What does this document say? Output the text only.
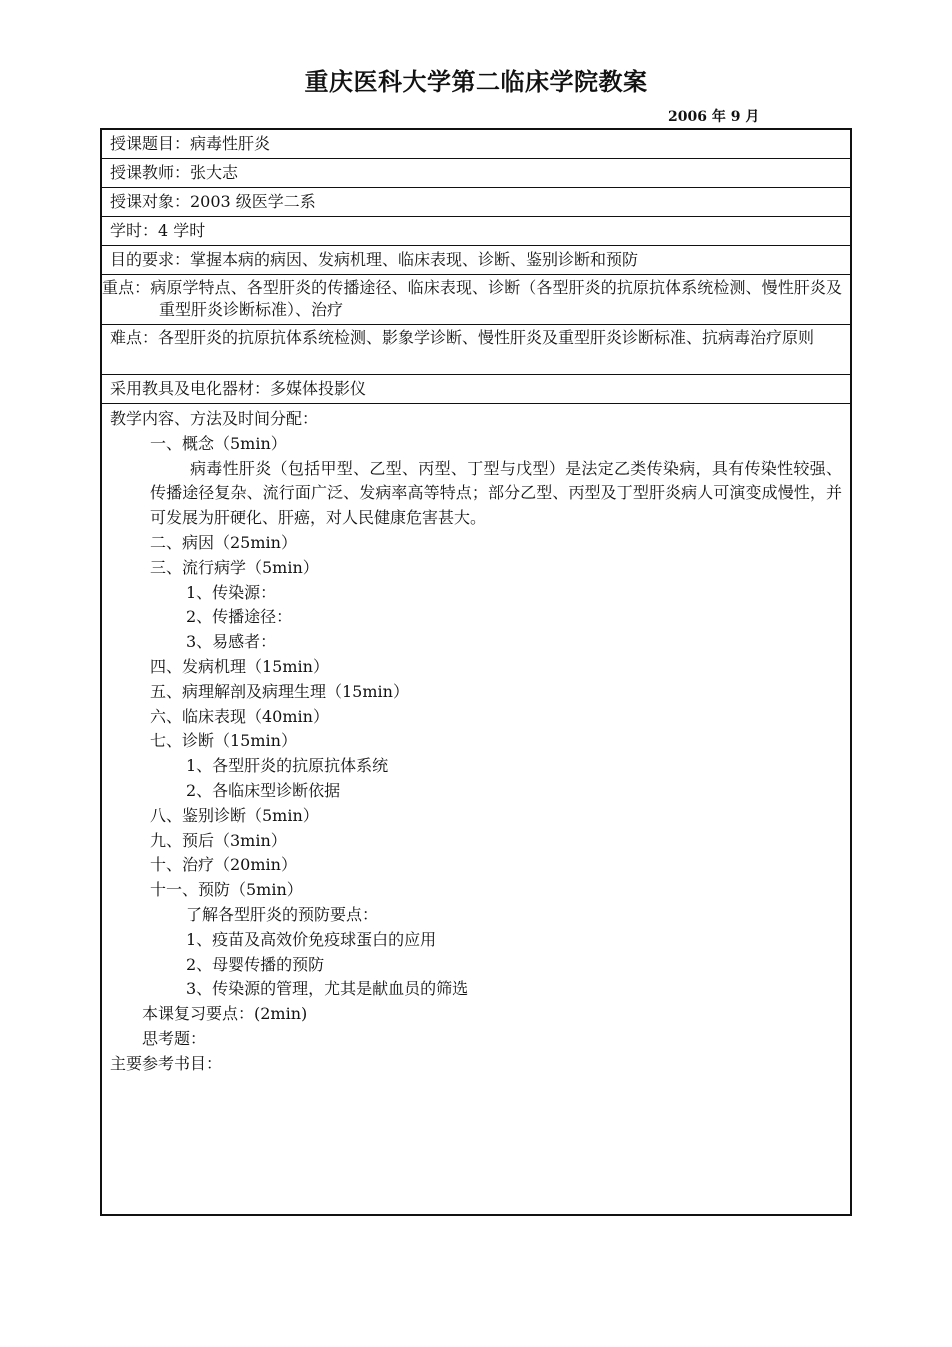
重庆医科大学第二临床学院教案
2006 年 9 月
授课题目：病毒性肝炎
授课教师：张大志
授课对象：2003 级医学二系
学时：4 学时
目的要求：掌握本病的病因、发病机理、临床表现、诊断、鉴别诊断和预防
重点：病原学特点、各型肝炎的传播途径、临床表现、诊断（各型肝炎的抗原抗体系统检测、慢性肝炎及重型肝炎诊断标准）、治疗
难点：各型肝炎的抗原抗体系统检测、影象学诊断、慢性肝炎及重型肝炎诊断标准、抗病毒治疗原则
采用教具及电化器材：多媒体投影仪
教学内容、方法及时间分配：
一、概念（5min）
病毒性肝炎（包括甲型、乙型、丙型、丁型与戊型）是法定乙类传染病，具有传染性较强、传播途径复杂、流行面广泛、发病率高等特点；部分乙型、丙型及丁型肝炎病人可演变成慢性，并可发展为肝硬化、肝癌，对人民健康危害甚大。
二、病因（25min）
三、流行病学（5min）
1、传染源：
2、传播途径：
3、易感者：
四、发病机理（15min）
五、病理解剖及病理生理（15min）
六、临床表现（40min）
七、诊断（15min）
1、各型肝炎的抗原抗体系统
2、各临床型诊断依据
八、鉴别诊断（5min）
九、预后（3min）
十、治疗（20min）
十一、预防（5min）
了解各型肝炎的预防要点：
1、疫苗及高效价免疫球蛋白的应用
2、母婴传播的预防
3、传染源的管理，尤其是献血员的筛选
本课复习要点：(2min)
思考题：
主要参考书目：
